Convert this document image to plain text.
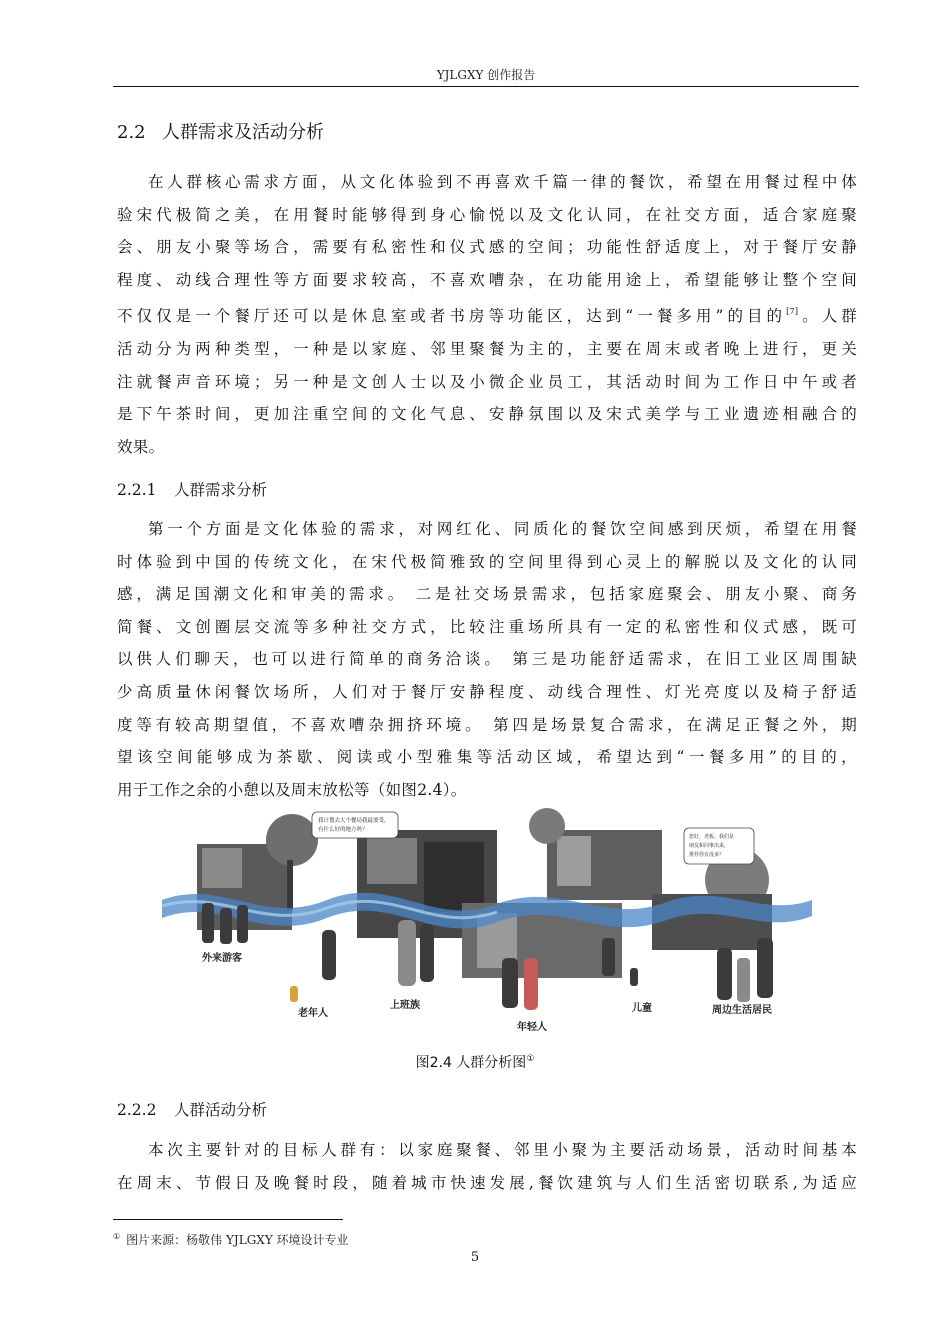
YJLGXY 创作报告
2.2 人群需求及活动分析
在人群核心需求方面，从文化体验到不再喜欢千篇一律的餐饮，希望在用餐过程中体
验宋代极简之美，在用餐时能够得到身心愉悦以及文化认同，在社交方面，适合家庭聚
会、朋友小聚等场合，需要有私密性和仪式感的空间；功能性舒适度上，对于餐厅安静
程度、动线合理性等方面要求较高，不喜欢嘈杂，在功能用途上，希望能够让整个空间
不仅仅是一个餐厅还可以是休息室或者书房等功能区，达到“一餐多用”的目的[7]。人群
活动分为两种类型，一种是以家庭、邻里聚餐为主的，主要在周末或者晚上进行，更关
注就餐声音环境；另一种是文创人士以及小微企业员工，其活动时间为工作日中午或者
是下午茶时间，更加注重空间的文化气息、安静氛围以及宋式美学与工业遗迹相融合的
效果。
2.2.1 人群需求分析
第一个方面是文化体验的需求，对网红化、同质化的餐饮空间感到厌烦，希望在用餐
时体验到中国的传统文化，在宋代极简雅致的空间里得到心灵上的解脱以及文化的认同
感，满足国潮文化和审美的需求。 二是社交场景需求，包括家庭聚会、朋友小聚、商务
简餐、文创圈层交流等多种社交方式，比较注重场所具有一定的私密性和仪式感，既可
以供人们聊天，也可以进行简单的商务洽谈。 第三是功能舒适需求，在旧工业区周围缺
少高质量休闲餐饮场所，人们对于餐厅安静程度、动线合理性、灯光亮度以及椅子舒适
度等有较高期望值，不喜欢嘈杂拥挤环境。 第四是场景复合需求，在满足正餐之外，期
望该空间能够成为茶歇、阅读或小型雅集等活动区域，希望达到“一餐多用”的目的，
用于工作之余的小憩以及周末放松等（如图2.4）。
我计划去大个餐局我最要受，
有什么好的地方吗？
您好，老板，我们是
朋友和同事出来，
推荐你有没多？
外来游客
老年人
上班族
年轻人
儿童	周边生活居民
图2.4 人群分析图①
2.2.2 人群活动分析
本次主要针对的目标人群有：以家庭聚餐、邻里小聚为主要活动场景，活动时间基本
在周末、节假日及晚餐时段，随着城市快速发展,餐饮建筑与人们生活密切联系,为适应
① 图片来源：杨敬伟 YJLGXY 环境设计专业
5
